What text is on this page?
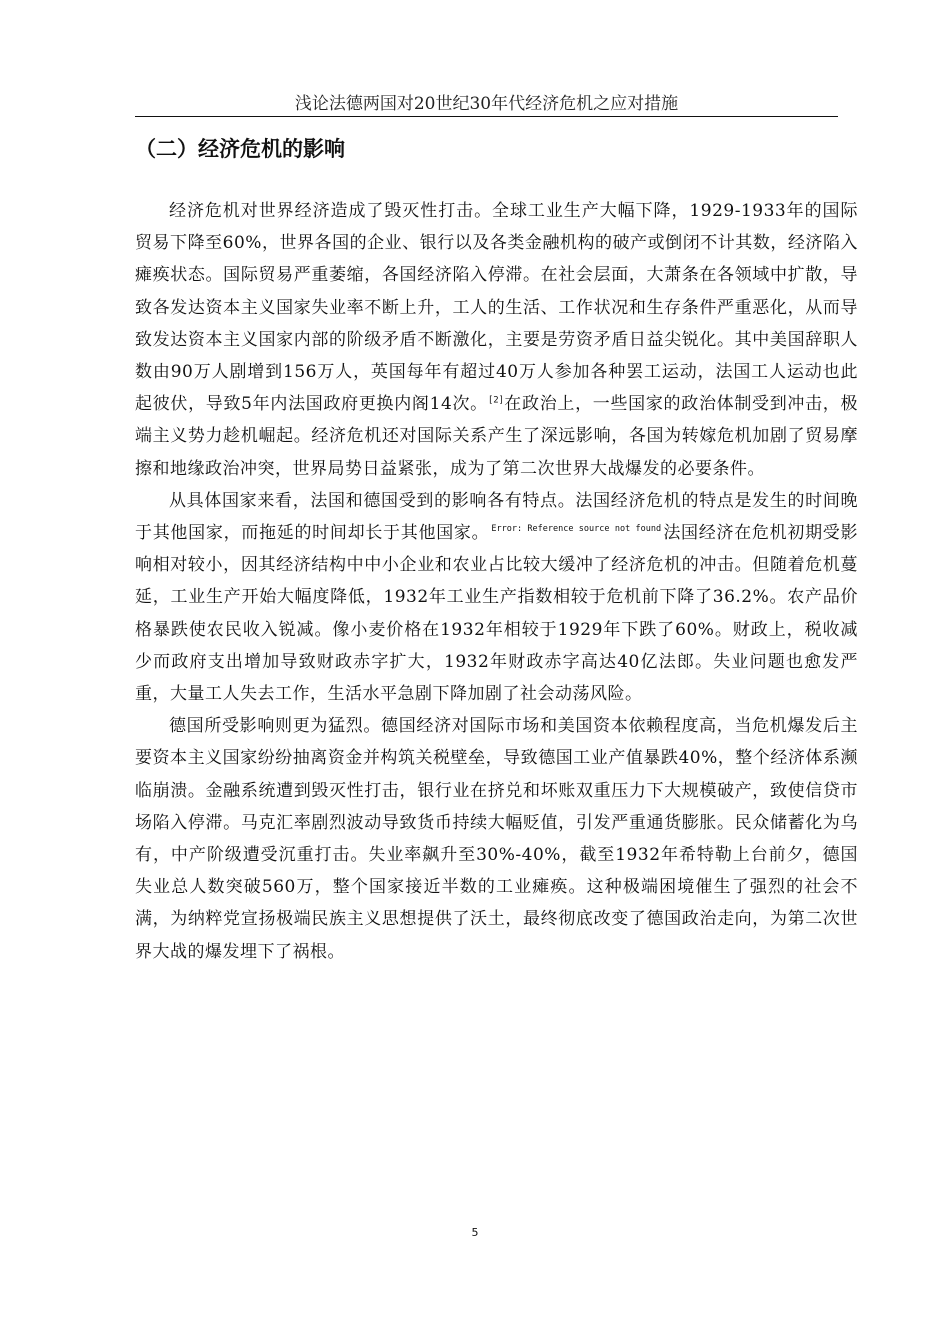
浅论法德两国对20世纪30年代经济危机之应对措施
（二）经济危机的影响

经济危机对世界经济造成了毁灭性打击。全球工业生产大幅下降，1929-1933年的国际贸易下降至60%，世界各国的企业、银行以及各类金融机构的破产或倒闭不计其数，经济陷入瘫痪状态。国际贸易严重萎缩，各国经济陷入停滞。在社会层面，大萧条在各领域中扩散，导致各发达资本主义国家失业率不断上升，工人的生活、工作状况和生存条件严重恶化，从而导致发达资本主义国家内部的阶级矛盾不断激化，主要是劳资矛盾日益尖锐化。其中美国辞职人数由90万人剧增到156万人，英国每年有超过40万人参加各种罢工运动，法国工人运动也此起彼伏，导致5年内法国政府更换内阁14次。[2]在政治上，一些国家的政治体制受到冲击，极端主义势力趁机崛起。经济危机还对国际关系产生了深远影响，各国为转嫁危机加剧了贸易摩擦和地缘政治冲突，世界局势日益紧张，成为了第二次世界大战爆发的必要条件。

从具体国家来看，法国和德国受到的影响各有特点。法国经济危机的特点是发生的时间晚于其他国家，而拖延的时间却长于其他国家。 $^{Error: Reference source not found}$ 法国经济在危机初期受影响相对较小，因其经济结构中中小企业和农业占比较大缓冲了经济危机的冲击。但随着危机蔓延，工业生产开始大幅度降低，1932年工业生产指数相较于危机前下降了36.2%。农产品价格暴跌使农民收入锐减。像小麦价格在1932年相较于1929年下跌了60%。财政上，税收减少而政府支出增加导致财政赤字扩大，1932年财政赤字高达40亿法郎。失业问题也愈发严重，大量工人失去工作，生活水平急剧下降加剧了社会动荡风险。

德国所受影响则更为猛烈。德国经济对国际市场和美国资本依赖程度高，当危机爆发后主要资本主义国家纷纷抽离资金并构筑关税壁垒，导致德国工业产值暴跌40%，整个经济体系濒临崩溃。金融系统遭到毁灭性打击，银行业在挤兑和坏账双重压力下大规模破产，致使信贷市场陷入停滞。马克汇率剧烈波动导致货币持续大幅贬值，引发严重通货膨胀。民众储蓄化为乌有，中产阶级遭受沉重打击。失业率飙升至30%-40%，截至1932年希特勒上台前夕，德国失业总人数突破560万，整个国家接近半数的工业瘫痪。这种极端困境催生了强烈的社会不满，为纳粹党宣扬极端民族主义思想提供了沃土，最终彻底改变了德国政治走向，为第二次世界大战的爆发埋下了祸根。

5
